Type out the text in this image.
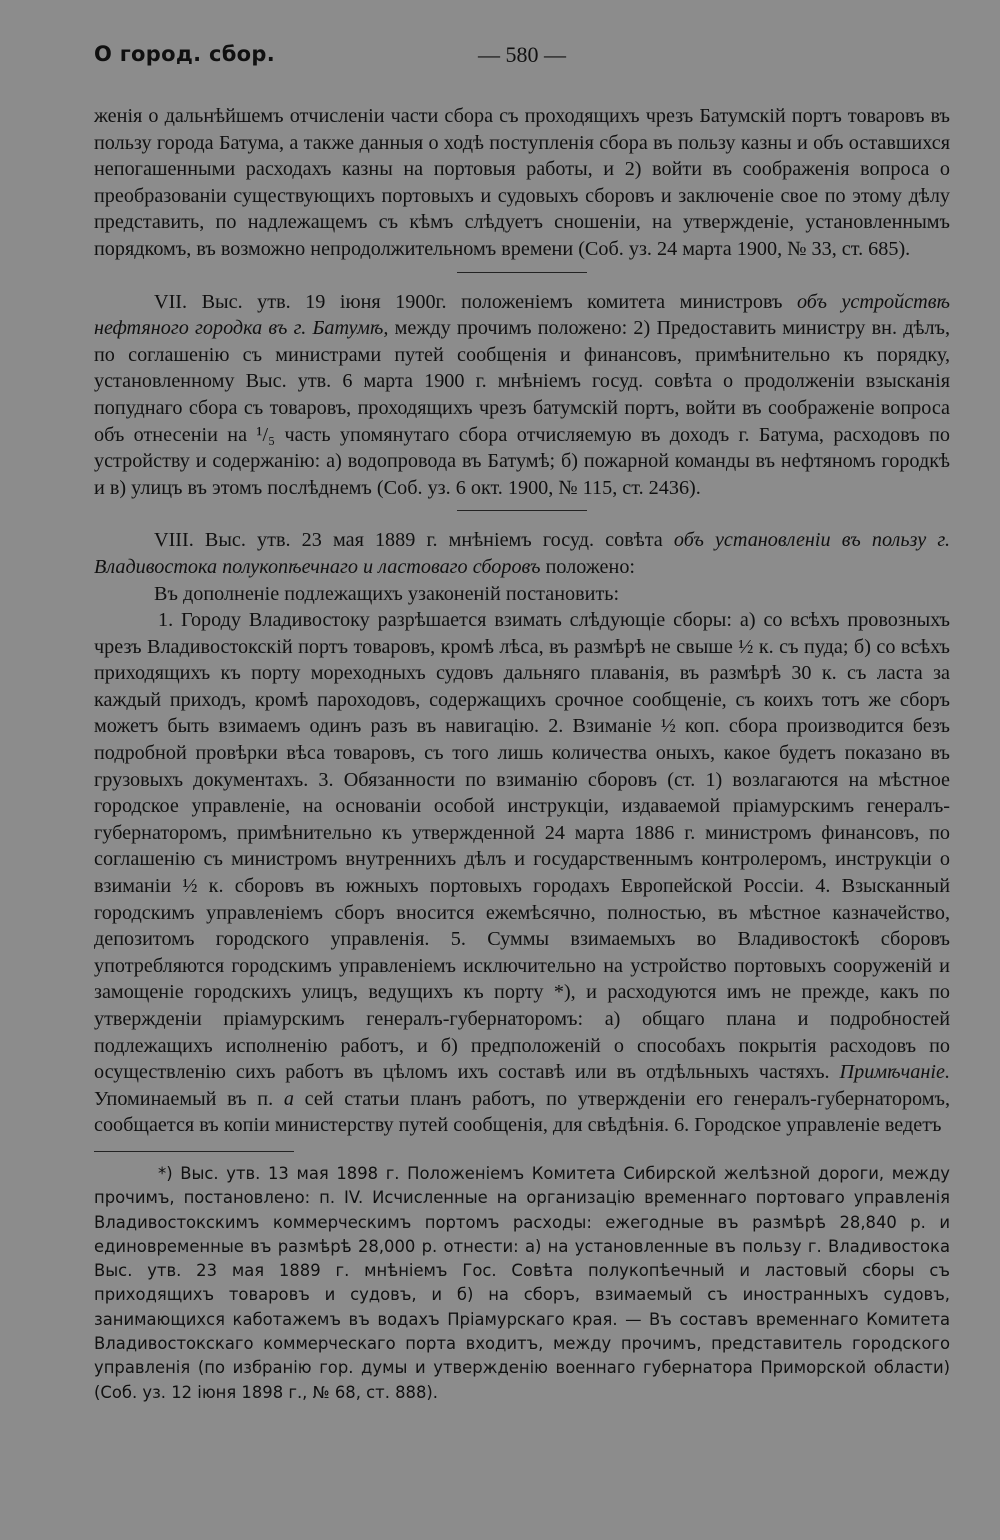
— 580 —
О город. сбор.

женія о дальнѣйшемъ отчисленіи части сбора съ проходящихъ чрезъ Батумскій портъ товаровъ въ пользу города Батума, а также данныя о ходѣ поступленія сбора въ пользу казны и объ оставшихся непогашенными расходахъ казны на портовыя работы, и 2) войти въ соображенія вопроса о преобразованіи существующихъ портовыхъ и судовыхъ сборовъ и заключеніе свое по этому дѣлу представить, по надлежащемъ съ кѣмъ слѣдуетъ сношеніи, на утвержденіе, установленнымъ порядкомъ, въ возможно непродолжительномъ времени (Соб. уз. 24 марта 1900, № 33, ст. 685).

VII. Выс. утв. 19 іюня 1900г. положеніемъ комитета министровъ объ устройствѣ нефтяного городка въ г. Батумѣ, между прочимъ положено: 2) Предоставить министру вн. дѣлъ, по соглашенію съ министрами путей сообщенія и финансовъ, примѣнительно къ порядку, установленному Выс. утв. 6 марта 1900 г. мнѣніемъ госуд. совѣта о продолженіи взысканія попуднаго сбора съ товаровъ, проходящихъ чрезъ батумскій портъ, войти въ соображеніе вопроса объ отнесеніи на ¹/₅ часть упомянутаго сбора отчисляемую въ доходъ г. Батума, расходовъ по устройству и содержанію: а) водопровода въ Батумѣ; б) пожарной команды въ нефтяномъ городкѣ и в) улицъ въ этомъ послѣднемъ (Соб. уз. 6 окт. 1900, № 115, ст. 2436).

VIII. Выс. утв. 23 мая 1889 г. мнѣніемъ госуд. совѣта объ установленіи въ пользу г. Владивостока полукопѣечнаго и ластоваго сборовъ положено:

Въ дополненіе подлежащихъ узаконеній постановить:

1. Городу Владивостоку разрѣшается взимать слѣдующіе сборы: а) со всѣхъ провозныхъ чрезъ Владивостокскій портъ товаровъ, кромѣ лѣса, въ размѣрѣ не свыше ½ к. съ пуда; б) со всѣхъ приходящихъ къ порту мореходныхъ судовъ дальняго плаванія, въ размѣрѣ 30 к. съ ласта за каждый приходъ, кромѣ пароходовъ, содержащихъ срочное сообщеніе, съ коихъ тотъ же сборъ можетъ быть взимаемъ одинъ разъ въ навигацію. 2. Взиманіе ½ коп. сбора производится безъ подробной провѣрки вѣса товаровъ, съ того лишь количества оныхъ, какое будетъ показано въ грузовыхъ документахъ. 3. Обязанности по взиманію сборовъ (ст. 1) возлагаются на мѣстное городское управленіе, на основаніи особой инструкціи, издаваемой пріамурскимъ генералъ-губернаторомъ, примѣнительно къ утвержденной 24 марта 1886 г. министромъ финансовъ, по соглашенію съ министромъ внутреннихъ дѣлъ и государственнымъ контролеромъ, инструкціи о взиманіи ½ к. сборовъ въ южныхъ портовыхъ городахъ Европейской Россіи. 4. Взысканный городскимъ управленіемъ сборъ вносится ежемѣсячно, полностью, въ мѣстное казначейство, депозитомъ городского управленія. 5. Суммы взимаемыхъ во Владивостокѣ сборовъ употребляются городскимъ управленіемъ исключительно на устройство портовыхъ сооруженій и замощеніе городскихъ улицъ, ведущихъ къ порту *), и расходуются имъ не прежде, какъ по утвержденіи пріамурскимъ генералъ-губернаторомъ: а) общаго плана и подробностей подлежащихъ исполненію работъ, и б) предположеній о способахъ покрытія расходовъ по осуществленію сихъ работъ въ цѣломъ ихъ составѣ или въ отдѣльныхъ частяхъ. Примѣчаніе. Упоминаемый въ п. а сей статьи планъ работъ, по утвержденіи его генералъ-губернаторомъ, сообщается въ копіи министерству путей сообщенія, для свѣдѣнія. 6. Городское управленіе ведетъ

*) Выс. утв. 13 мая 1898 г. Положеніемъ Комитета Сибирской желѣзной дороги, между прочимъ, постановлено: п. IV. Исчисленные на организацію временнаго портоваго управленія Владивостокскимъ коммерческимъ портомъ расходы: ежегодные въ размѣрѣ 28,840 р. и единовременные въ размѣрѣ 28,000 р. отнести: а) на установленные въ пользу г. Владивостока Выс. утв. 23 мая 1889 г. мнѣніемъ Гос. Совѣта полукопѣечный и ластовый сборы съ приходящихъ товаровъ и судовъ, и б) на сборъ, взимаемый съ иностранныхъ судовъ, занимающихся каботажемъ въ водахъ Пріамурскаго края. — Въ составъ временнаго Комитета Владивостокскаго коммерческаго порта входитъ, между прочимъ, представитель городского управленія (по избранію гор. думы и утвержденію военнаго губернатора Приморской области) (Соб. уз. 12 іюня 1898 г., № 68, ст. 888).
